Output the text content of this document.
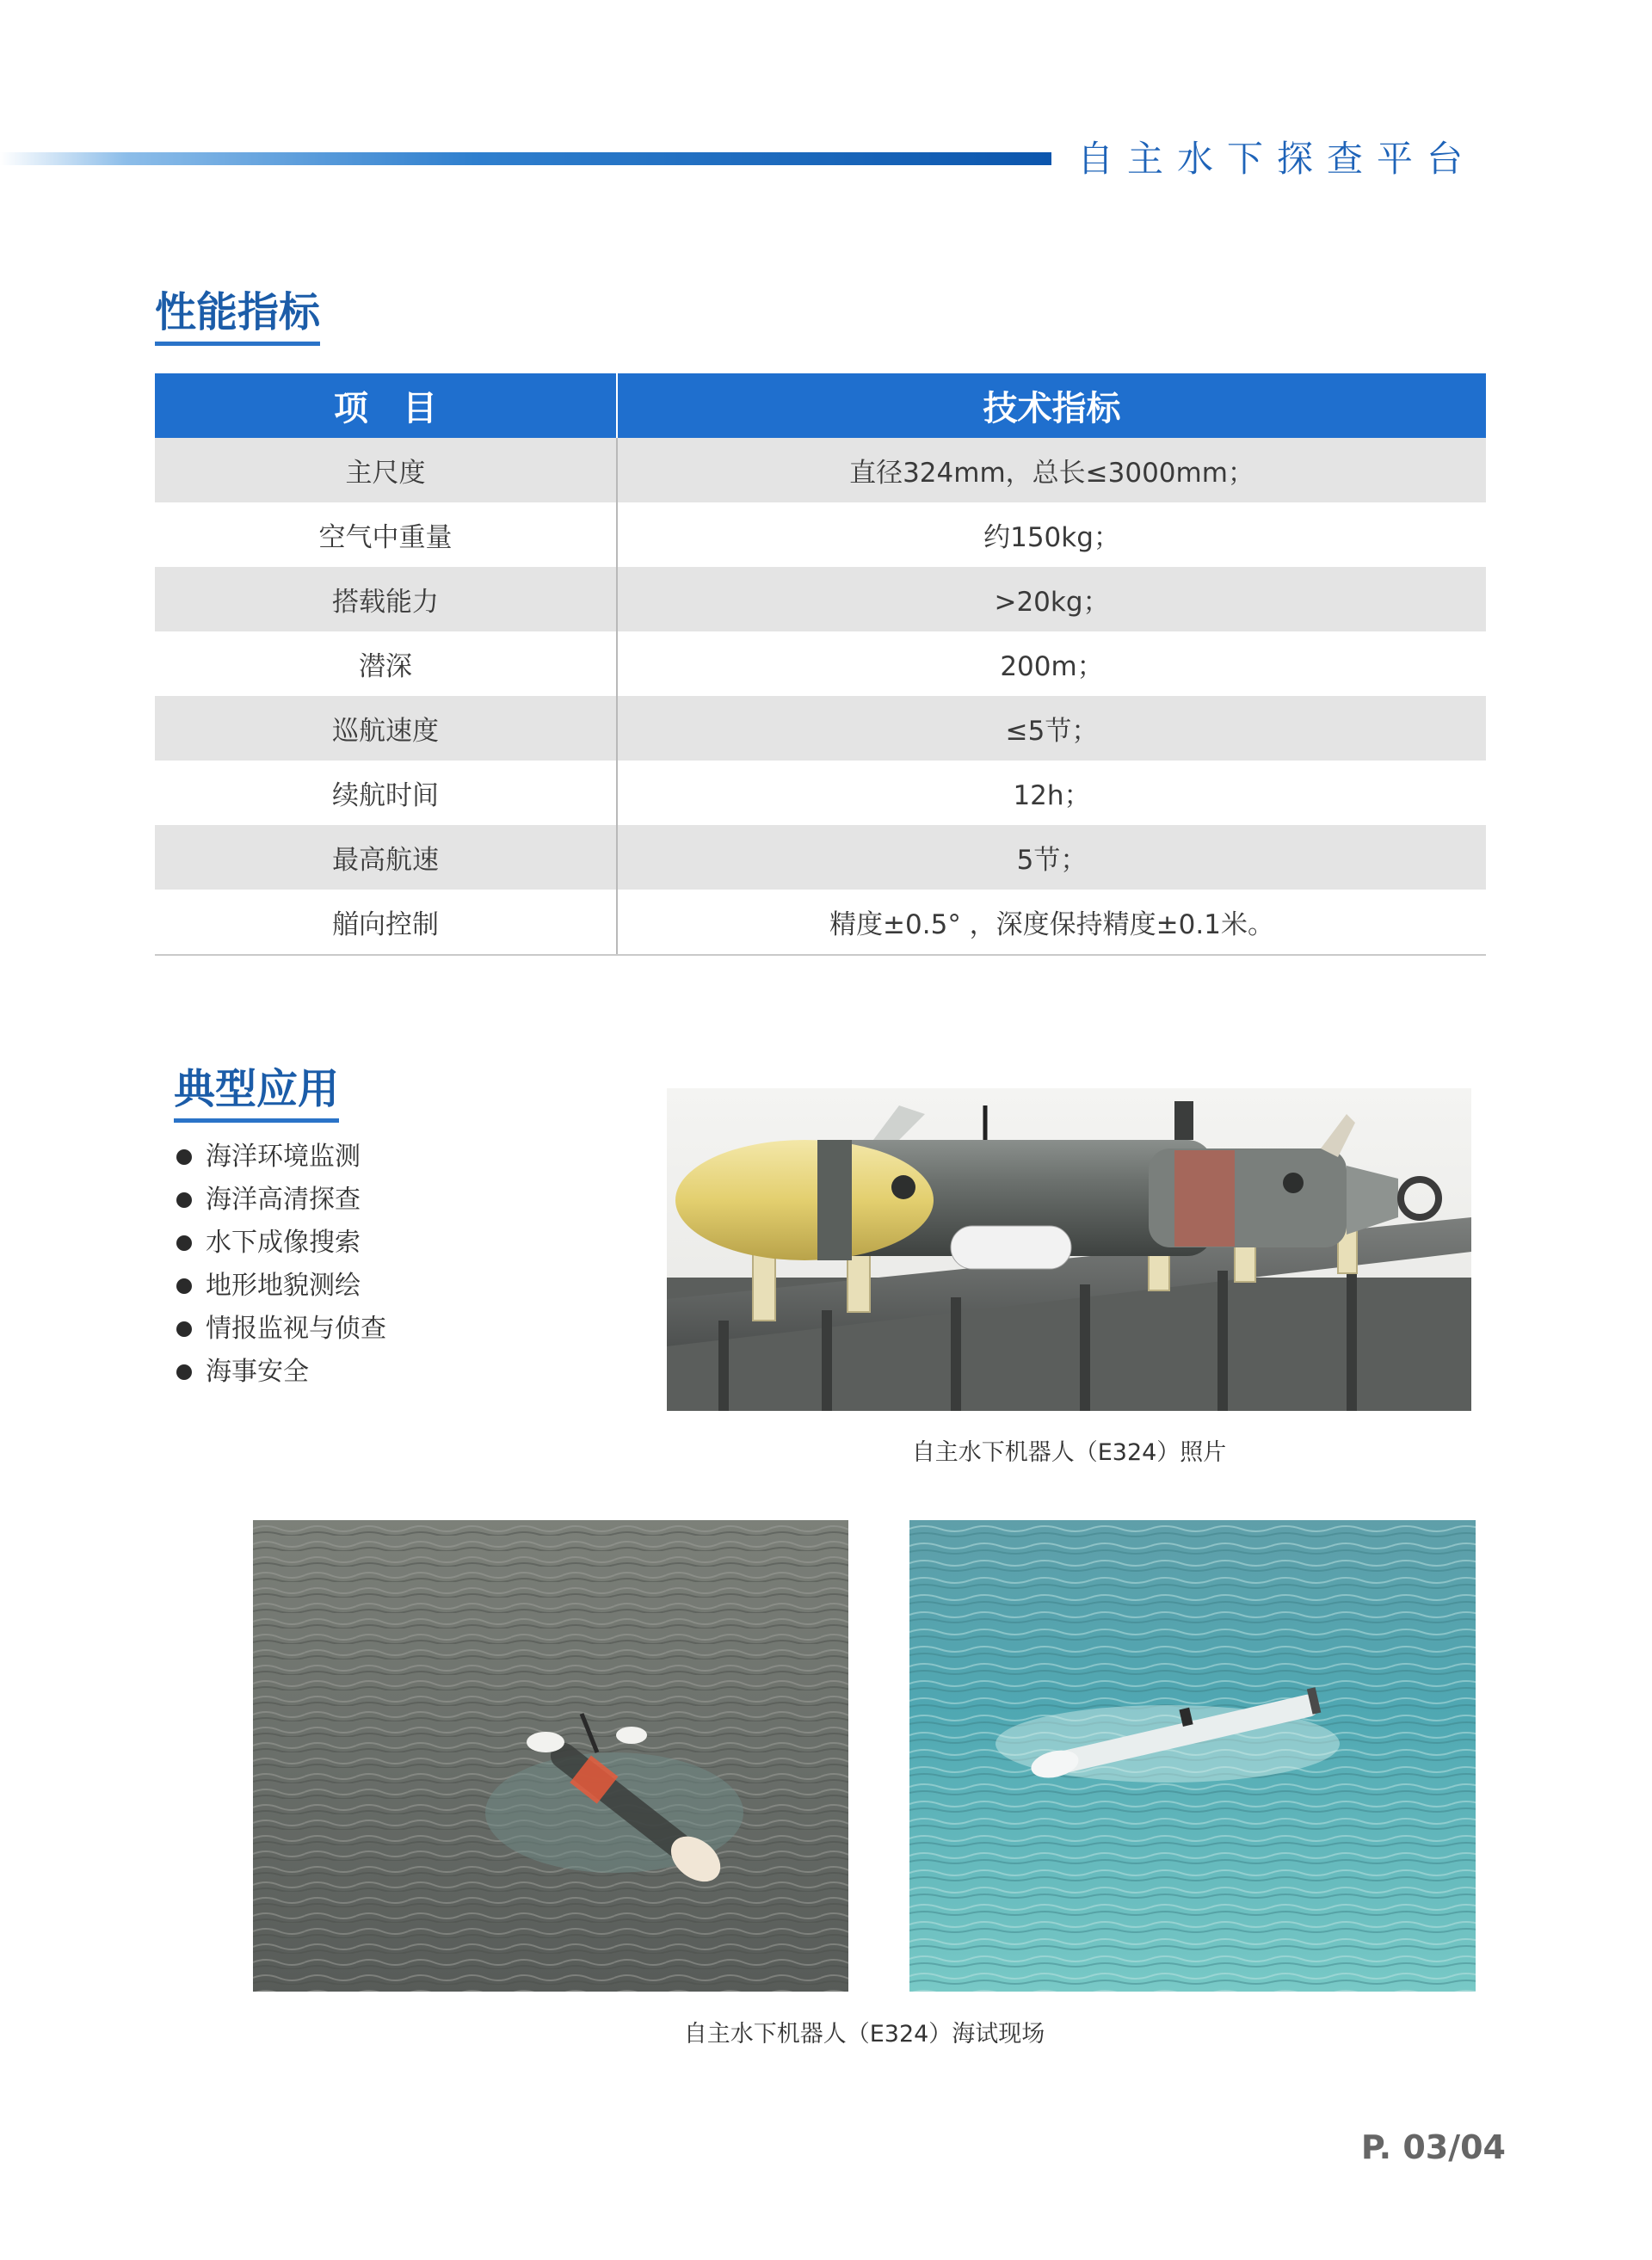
自主水下探查平台
性能指标
项目	技术指标
主尺度	直径324mm，总长≤3000mm；
空气中重量	约150kg；
搭载能力	>20kg；
潜深	200m；
巡航速度	≤5节；
续航时间	12h；
最高航速	5节；
艏向控制	精度±0.5° ，深度保持精度±0.1米。
典型应用
海洋环境监测
海洋高清探查
水下成像搜索
地形地貌测绘
情报监视与侦查
海事安全
自主水下机器人（E324）照片
自主水下机器人（E324）海试现场
P. 03/04
